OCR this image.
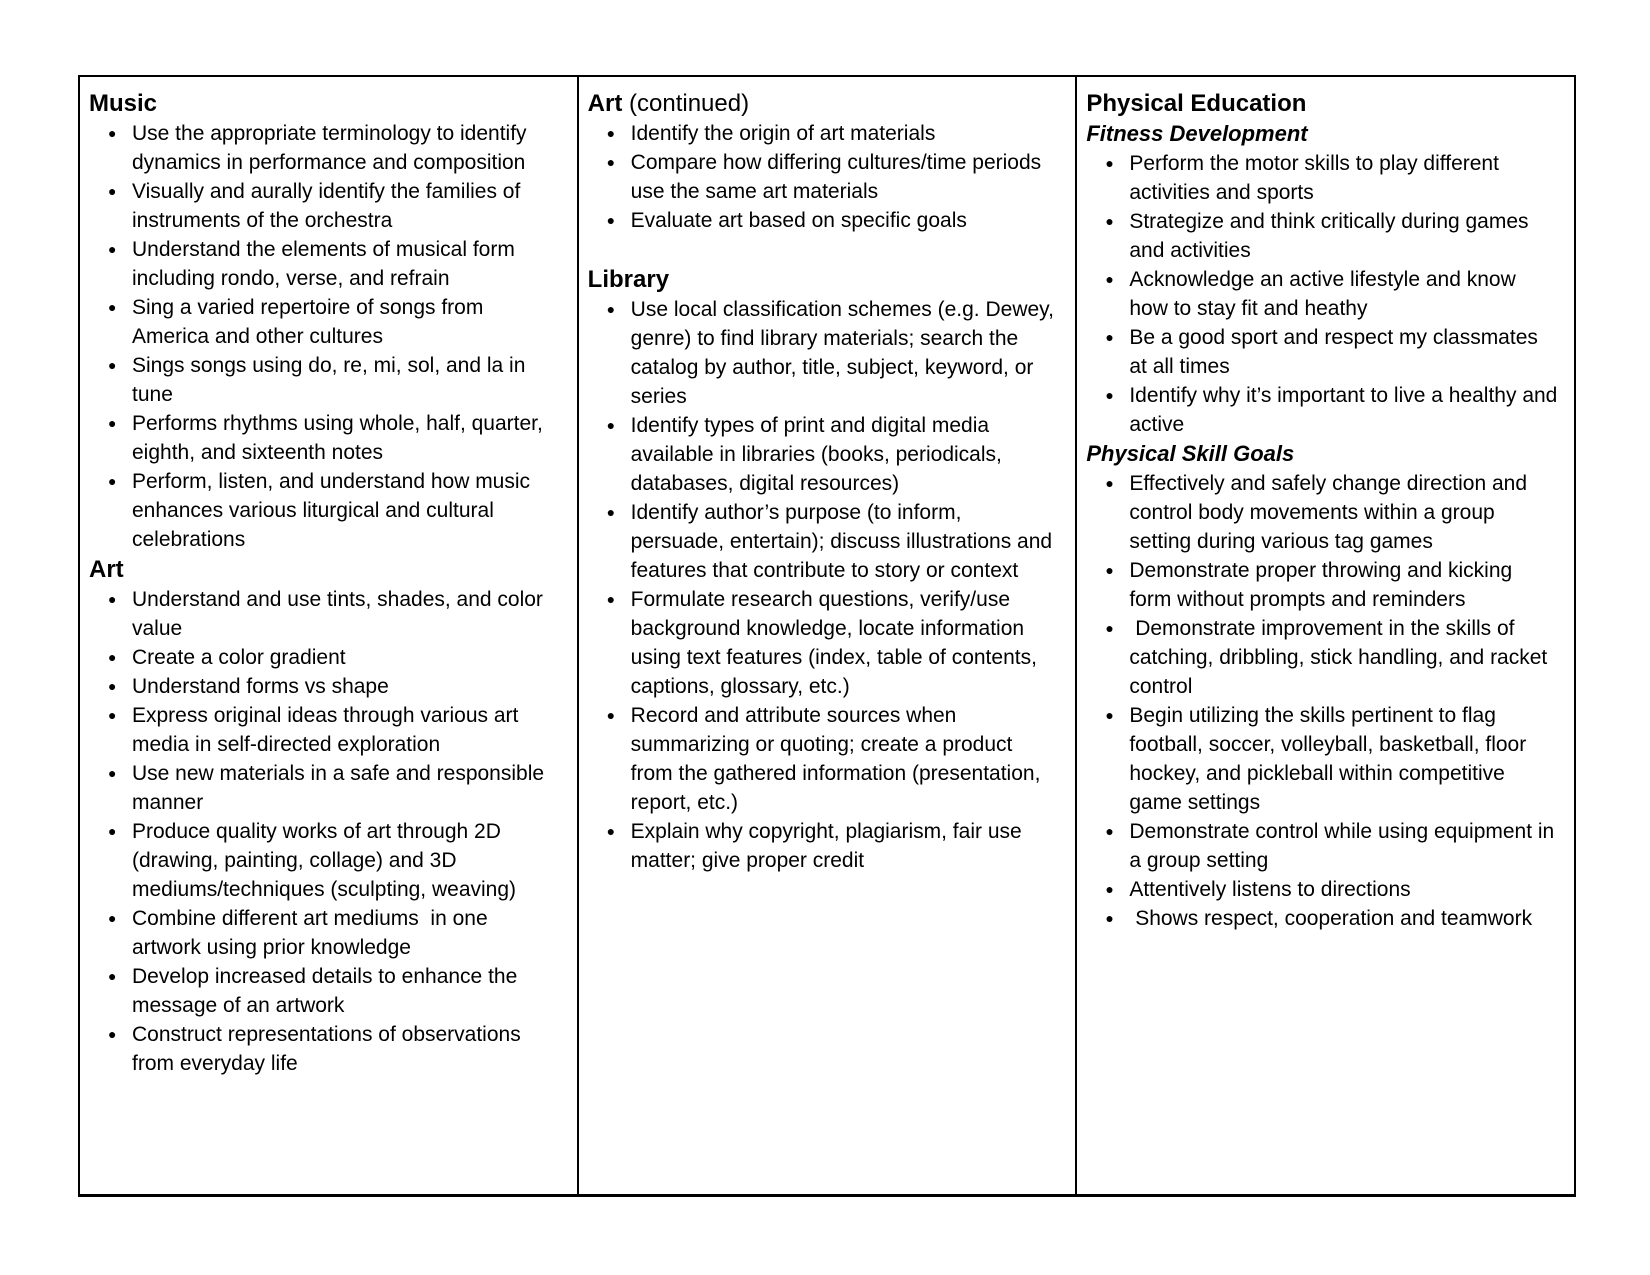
Music
● Use the appropriate terminology to identify dynamics in performance and composition
● Visually and aurally identify the families of instruments of the orchestra
● Understand the elements of musical form including rondo, verse, and refrain
● Sing a varied repertoire of songs from America and other cultures
● Sings songs using do, re, mi, sol, and la in tune
● Performs rhythms using whole, half, quarter, eighth, and sixteenth notes
● Perform, listen, and understand how music enhances various liturgical and cultural celebrations
Art
● Understand and use tints, shades, and color value
● Create a color gradient
● Understand forms vs shape
● Express original ideas through various art media in self-directed exploration
● Use new materials in a safe and responsible manner
● Produce quality works of art through 2D (drawing, painting, collage) and 3D mediums/techniques (sculpting, weaving)
● Combine different art mediums  in one artwork using prior knowledge
● Develop increased details to enhance the message of an artwork
● Construct representations of observations from everyday life
Art (continued)
● Identify the origin of art materials
● Compare how differing cultures/time periods use the same art materials
● Evaluate art based on specific goals
Library
● Use local classification schemes (e.g. Dewey, genre) to find library materials; search the catalog by author, title, subject, keyword, or series
● Identify types of print and digital media available in libraries (books, periodicals, databases, digital resources)
● Identify author’s purpose (to inform, persuade, entertain); discuss illustrations and features that contribute to story or context
● Formulate research questions, verify/use background knowledge, locate information using text features (index, table of contents, captions, glossary, etc.)
● Record and attribute sources when summarizing or quoting; create a product from the gathered information (presentation, report, etc.)
● Explain why copyright, plagiarism, fair use matter; give proper credit
Physical Education
Fitness Development
● Perform the motor skills to play different activities and sports
● Strategize and think critically during games and activities
● Acknowledge an active lifestyle and know how to stay fit and heathy
● Be a good sport and respect my classmates at all times
● Identify why it’s important to live a healthy and active
Physical Skill Goals
● Effectively and safely change direction and control body movements within a group setting during various tag games
● Demonstrate proper throwing and kicking form without prompts and reminders
●  Demonstrate improvement in the skills of catching, dribbling, stick handling, and racket control
● Begin utilizing the skills pertinent to flag football, soccer, volleyball, basketball, floor hockey, and pickleball within competitive game settings
● Demonstrate control while using equipment in a group setting
● Attentively listens to directions
●  Shows respect, cooperation and teamwork
